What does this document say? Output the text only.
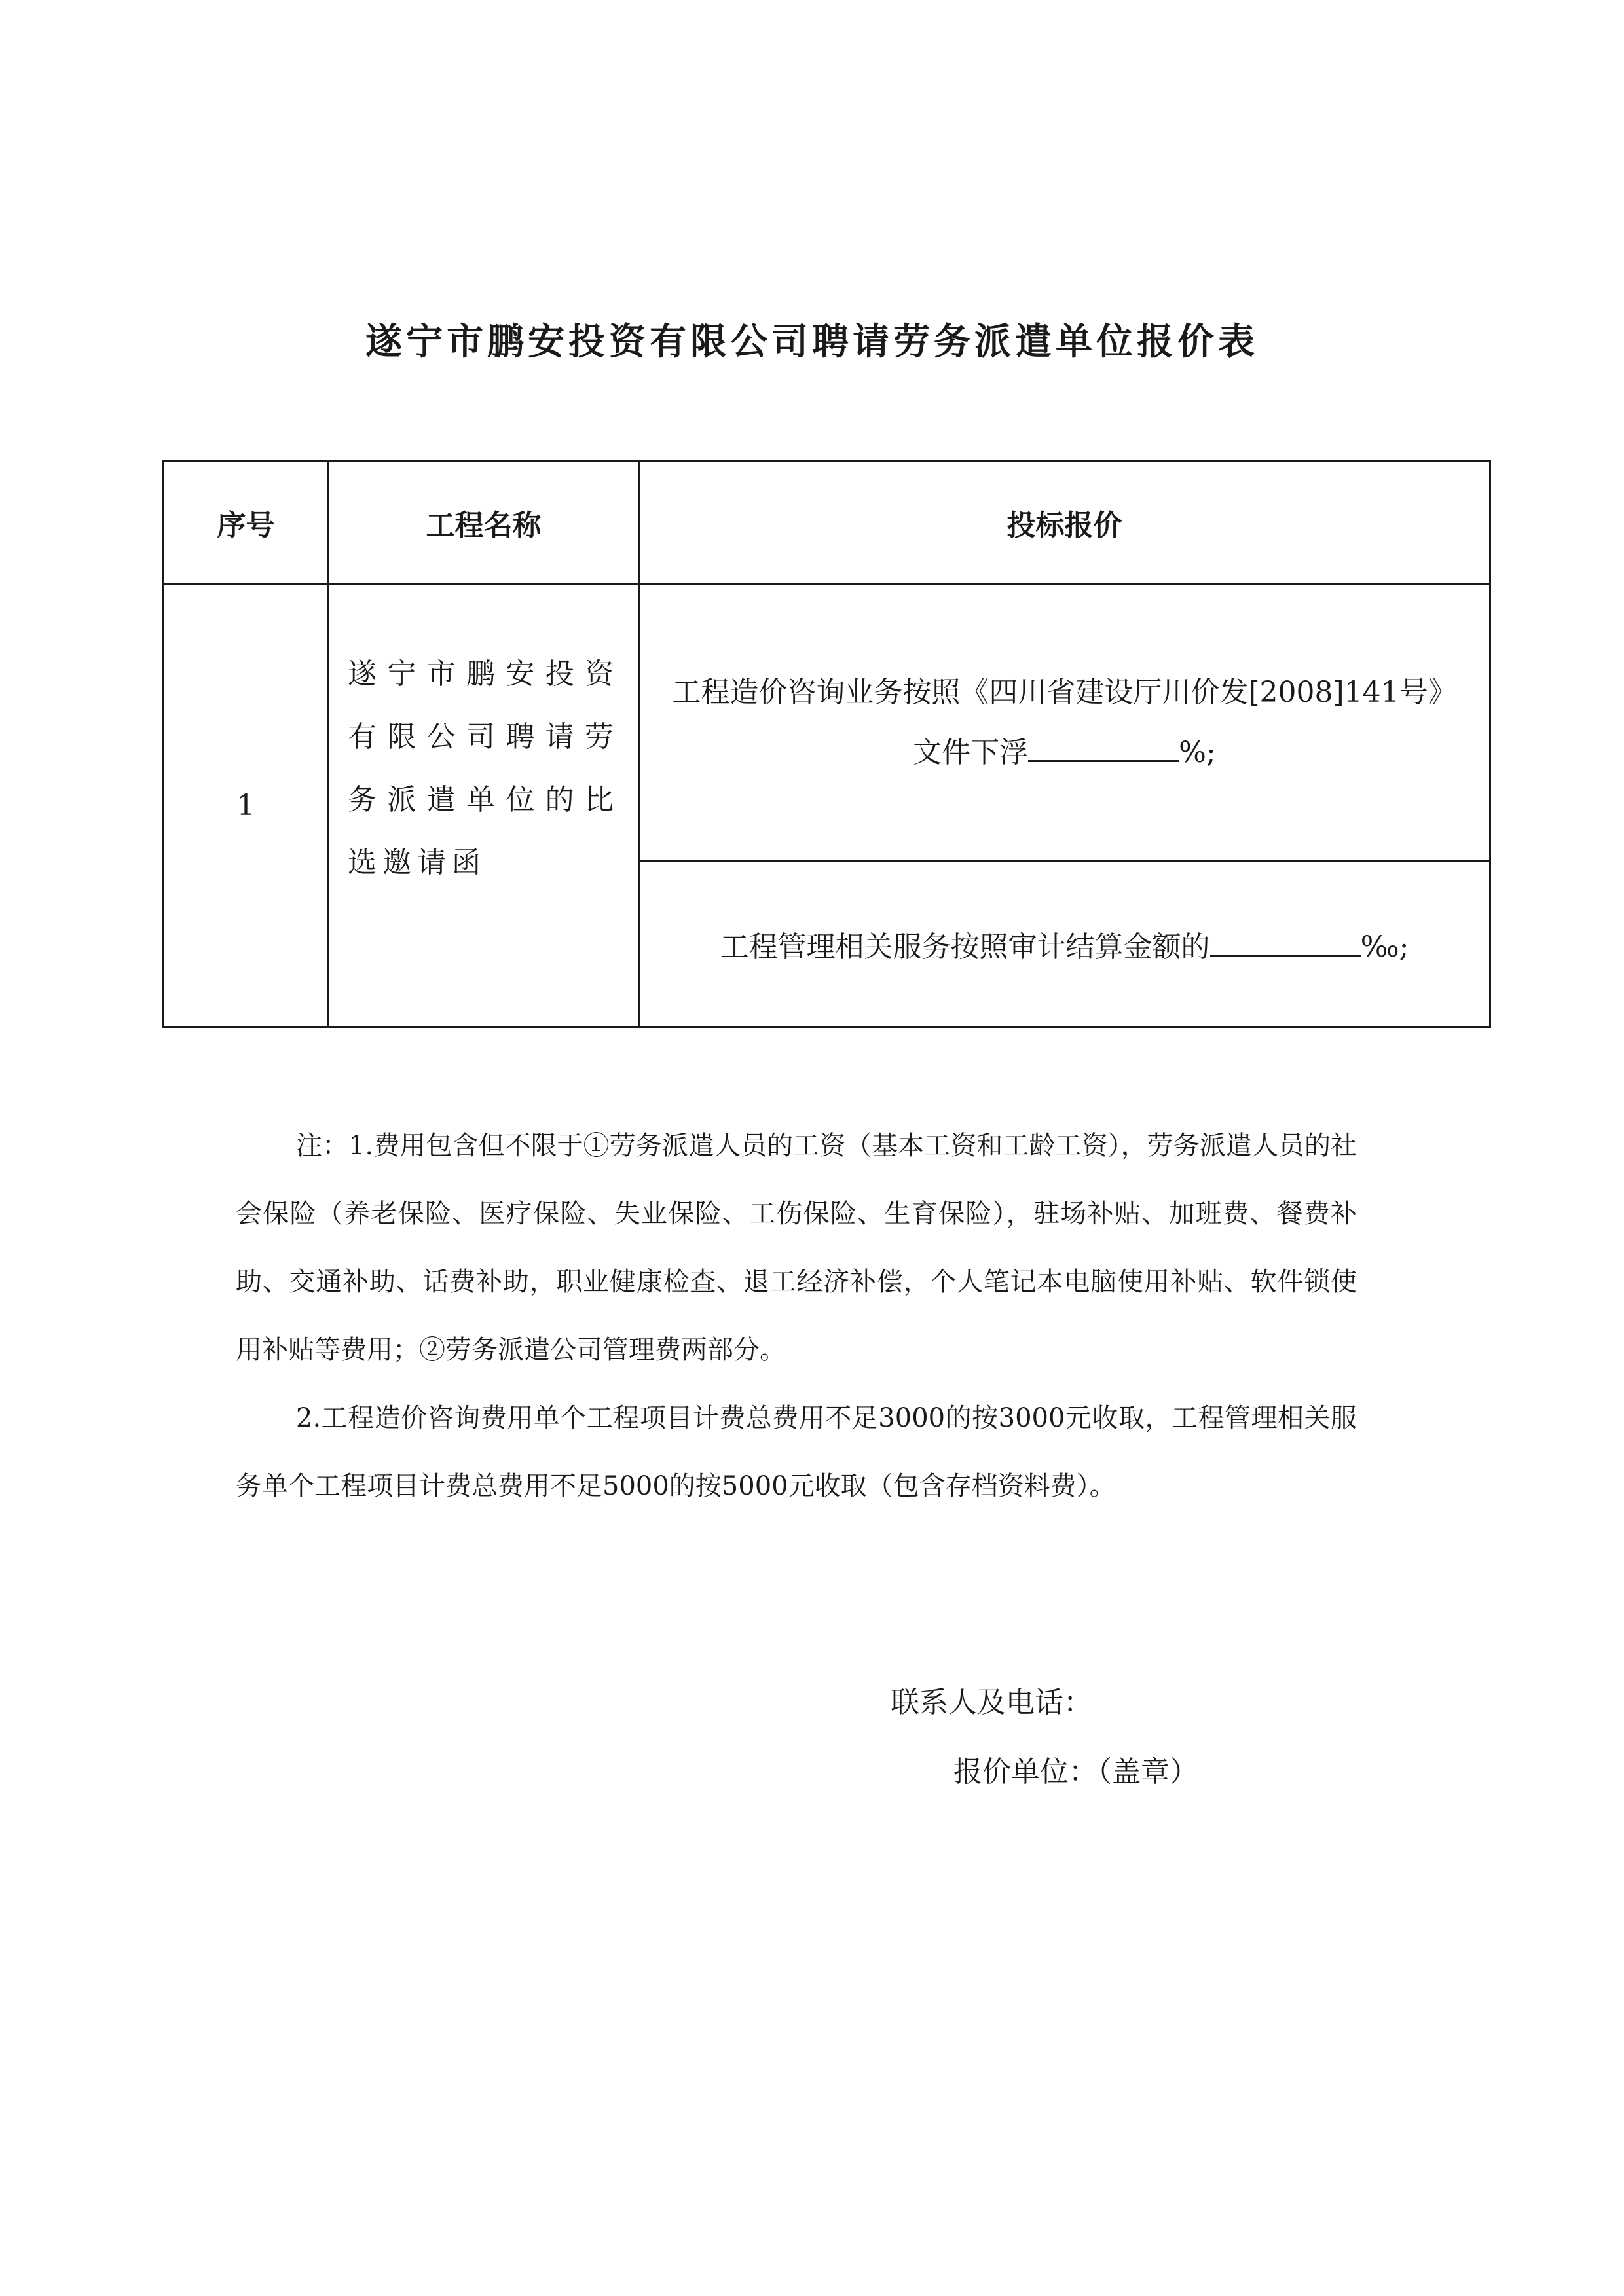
遂宁市鹏安投资有限公司聘请劳务派遣单位报价表
序号	工程名称	投标报价
1	遂宁市鹏安投资有限公司聘请劳务派遣单位的比选邀请函	工程造价咨询业务按照《四川省建设厅川价发[2008]141号》文件下浮 %;
		工程管理相关服务按照审计结算金额的 ‰;

注：1.费用包含但不限于①劳务派遣人员的工资（基本工资和工龄工资），劳务派遣人员的社会保险（养老保险、医疗保险、失业保险、工伤保险、生育保险），驻场补贴、加班费、餐费补助、交通补助、话费补助，职业健康检查、退工经济补偿，个人笔记本电脑使用补贴、软件锁使用补贴等费用；②劳务派遣公司管理费两部分。

2.工程造价咨询费用单个工程项目计费总费用不足3000的按3000元收取，工程管理相关服务单个工程项目计费总费用不足5000的按5000元收取（包含存档资料费）。

联系人及电话：
报价单位：（盖章）
